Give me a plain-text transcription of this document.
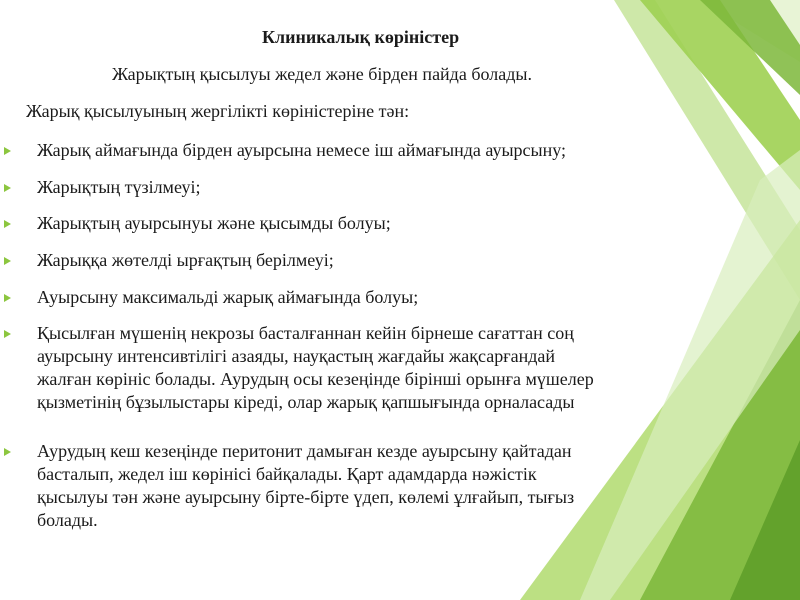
Клиникалық көріністер
Жарықтың қысылуы жедел және бірден пайда болады.
Жарық қысылуының жергілікті көріністеріне тән:
Жарық аймағында бірден ауырсына немесе іш аймағында ауырсыну;
Жарықтың түзілмеуі;
Жарықтың ауырсынуы және қысымды болуы;
Жарыққа жөтелді ырғақтың берілмеуі;
Ауырсыну максимальді жарық аймағында болуы;
Қысылған мүшенің некрозы басталғаннан кейін бірнеше сағаттан соң
ауырсыну интенсивтілігі азаяды, науқастың жағдайы жақсарғандай
жалған көрініс болады. Аурудың осы кезеңінде бірінші орынға мүшелер
қызметінің бұзылыстары кіреді, олар жарық қапшығында орналасады
Аурудың кеш кезеңінде перитонит дамыған кезде ауырсыну қайтадан
басталып, жедел іш көрінісі байқалады. Қарт адамдарда нәжістік
қысылуы тән және ауырсыну бірте-бірте үдеп, көлемі ұлғайып, тығыз
болады.
